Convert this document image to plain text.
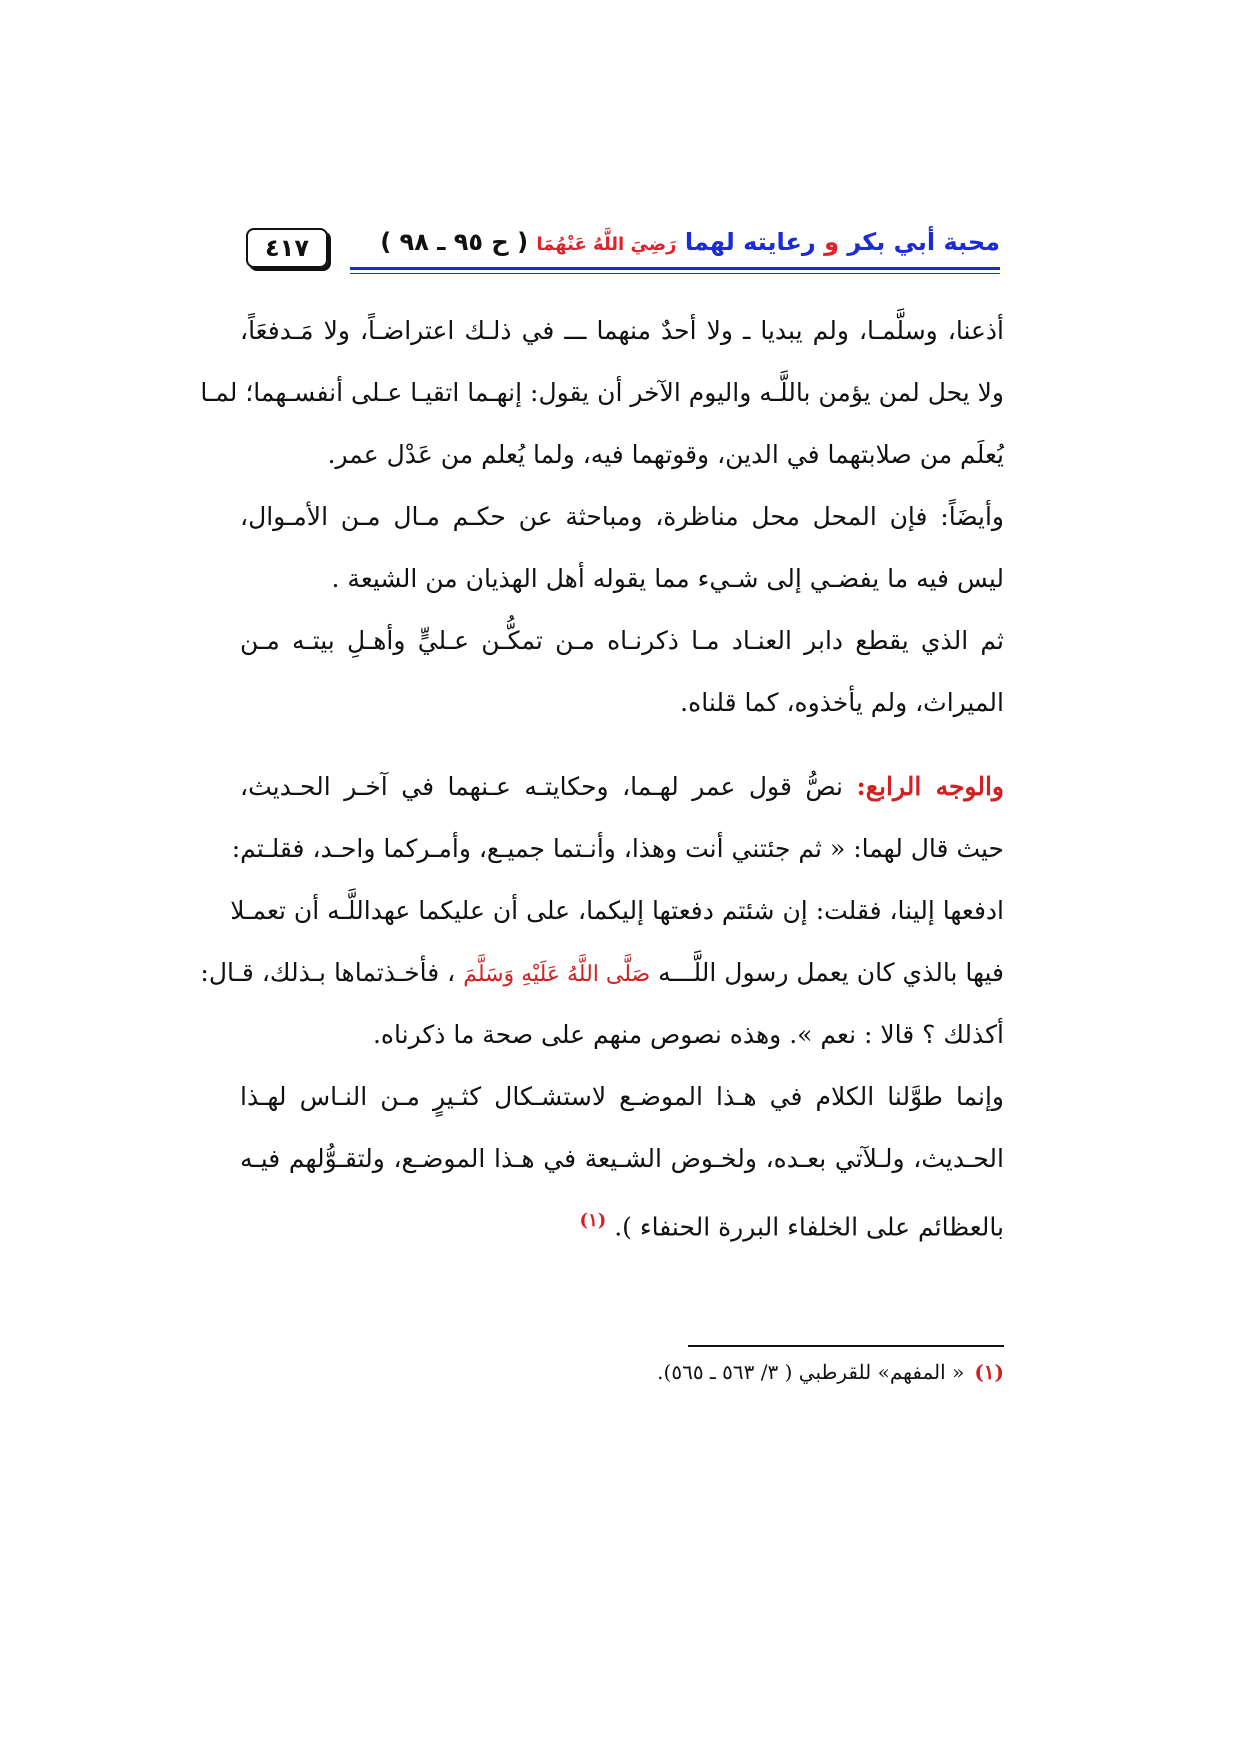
٤١٧	محبة أبي بكر و رعايته لهما رَضِيَ اللَّهُ عَنْهُمَا ( ح ٩٥ ـ ٩٨ )
أذعنا، وسلَّمـا، ولم يبديا ـ ولا أحدٌ منهما ـــ في ذلـك اعتراضـاً، ولا مَـدفعَاً،
ولا يحل لمن يؤمن باللَّـه واليوم الآخر أن يقول: إنهـما اتقيـا عـلى أنفسـهما؛ لمـا
يُعلَم من صلابتهما في الدين، وقوتهما فيه، ولما يُعلم من عَدْل عمر.
وأيضَاً: فإن المحل محل مناظرة، ومباحثة عن حكـم مـال مـن الأمـوال،
ليس فيه ما يفضـي إلى شـيء مما يقوله أهل الهذيان من الشيعة .
ثم الذي يقطع دابر العنـاد مـا ذكرنـاه مـن تمكُّـن عـليٍّ وأهـلِ بيتـه مـن
الميراث، ولم يأخذوه، كما قلناه.
والوجه الرابع: نصُّ قول عمر لهـما، وحكايتـه عـنهما في آخـر الحـديث،
حيث قال لهما: « ثم جئتني أنت وهذا، وأنـتما جميـع، وأمـركما واحـد، فقلـتم:
ادفعها إلينا، فقلت: إن شئتم دفعتها إليكما، على أن عليكما عهداللَّـه أن تعمـلا
فيها بالذي كان يعمل رسول اللَّـــه صَلَّى اللَّهُ عَلَيْهِ وَسَلَّمَ ، فأخـذتماها بـذلك، قـال:
أكذلك ؟ قالا : نعم ». وهذه نصوص منهم على صحة ما ذكرناه.
وإنما طوَّلنا الكلام في هـذا الموضـع لاستشـكال كثـيرٍ مـن النـاس لهـذا
الحـديث، ولـلآتي بعـده، ولخـوض الشـيعة في هـذا الموضـع، ولتقـوُّلهم فيـه
بالعظائم على الخلفاء البررة الحنفاء ). $^{(١)}$
(١)« المفهم» للقرطبي ( ٣/ ٥٦٣ ـ ٥٦٥).
